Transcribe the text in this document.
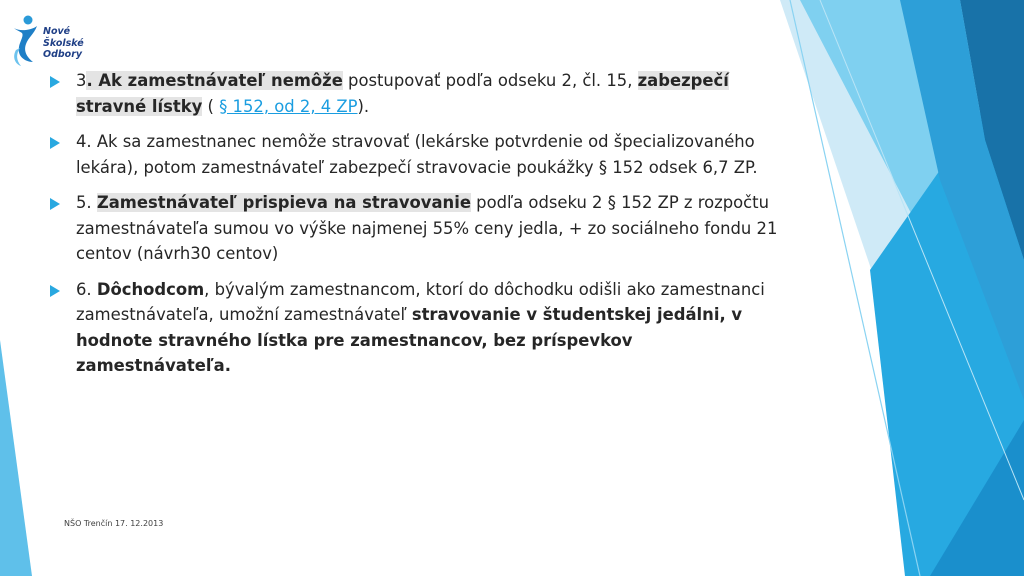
Nové
Školské
Odbory
3. Ak zamestnávateľ nemôže postupovať podľa odseku 2, čl. 15, zabezpečí stravné lístky ( § 152, od 2, 4 ZP).
4. Ak sa zamestnanec nemôže stravovať (lekárske potvrdenie od špecializovaného lekára), potom zamestnávateľ zabezpečí stravovacie poukážky § 152 odsek 6,7 ZP.
5. Zamestnávateľ prispieva na stravovanie podľa odseku 2 § 152 ZP z rozpočtu zamestnávateľa sumou vo výške najmenej 55% ceny jedla, + zo sociálneho fondu 21 centov (návrh30 centov)
6. Dôchodcom, bývalým zamestnancom, ktorí do dôchodku odišli ako zamestnanci zamestnávateľa, umožní zamestnávateľ stravovanie v študentskej jedálni, v hodnote stravného lístka pre zamestnancov, bez príspevkov zamestnávateľa.
NŠO Trenčín 17. 12.2013
